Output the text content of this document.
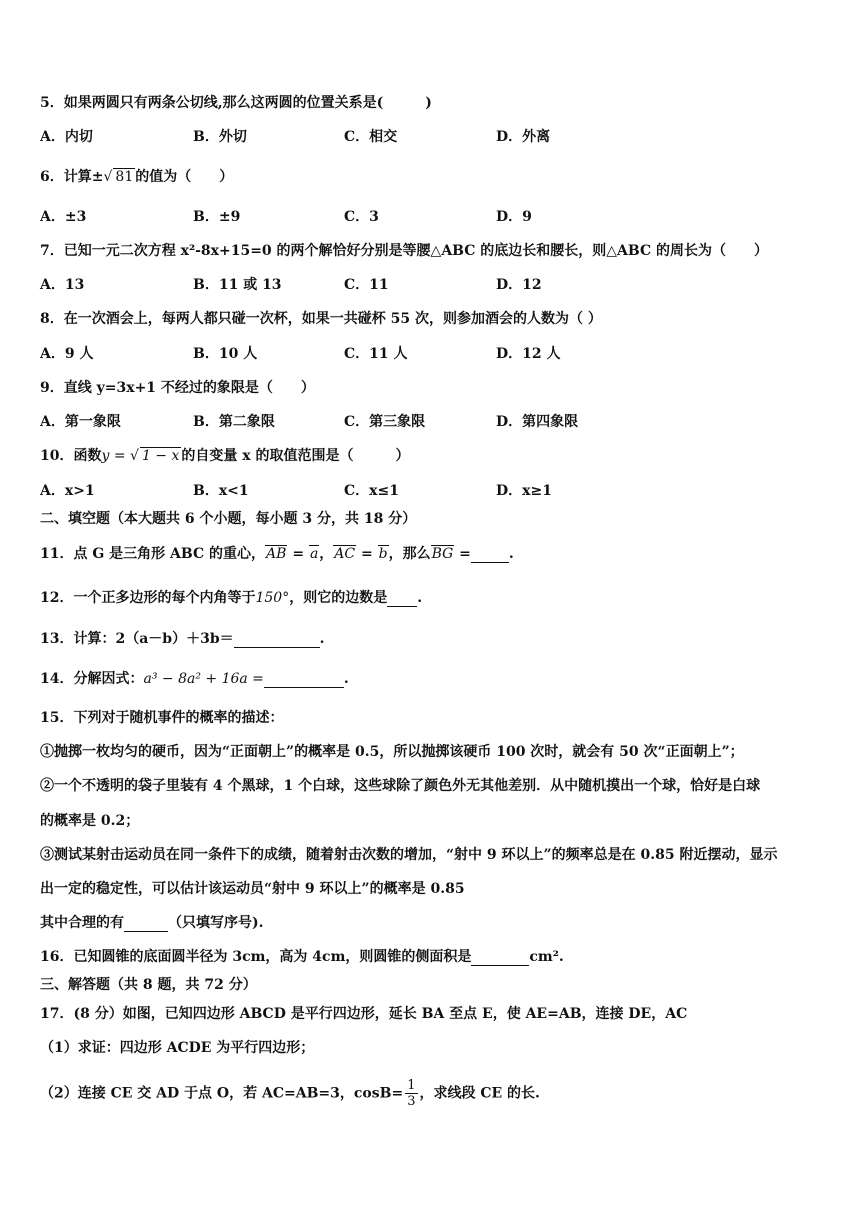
5．如果两圆只有两条公切线,那么这两圆的位置关系是(　　　)
A．内切	B．外切	C．相交	D．外离
6．计算±√ 81 的值为（　　）
A．±3	B．±9	C．3	D．9
7．已知一元二次方程 x²-8x+15=0 的两个解恰好分别是等腰△ABC 的底边长和腰长，则△ABC 的周长为（　　）
A．13	B．11 或 13	C．11	D．12
8．在一次酒会上，每两人都只碰一次杯，如果一共碰杯 55 次，则参加酒会的人数为（ ）
A．9 人	B．10 人	C．11 人	D．12 人
9．直线 y=3x+1 不经过的象限是（　　）
A．第一象限	B．第二象限	C．第三象限	D．第四象限
10．函数y = √ 1 − x 的自变量 x 的取值范围是（　　　）
A．x>1	B．x<1	C．x≤1	D．x≥1
二、填空题（本大题共 6 个小题，每小题 3 分，共 18 分）
11．点 G 是三角形 ABC 的重心，AB = a，AC = b，那么BG =	.
12．一个正多边形的每个内角等于150°，则它的边数是 .
13．计算：2（a－b）＋3b＝	.
14．分解因式：a³ − 8a² + 16a =	.
15．下列对于随机事件的概率的描述：
①抛掷一枚均匀的硬币，因为“正面朝上”的概率是 0.5，所以抛掷该硬币 100 次时，就会有 50 次“正面朝上”；
②一个不透明的袋子里装有 4 个黑球，1 个白球，这些球除了颜色外无其他差别．从中随机摸出一个球，恰好是白球
的概率是 0.2；
③测试某射击运动员在同一条件下的成绩，随着射击次数的增加，“射中 9 环以上”的频率总是在 0.85 附近摆动，显示
出一定的稳定性，可以估计该运动员“射中 9 环以上”的概率是 0.85
其中合理的有	（只填写序号).
16．已知圆锥的底面圆半径为 3cm，高为 4cm，则圆锥的侧面积是	cm².
三、解答题（共 8 题，共 72 分）
17．(8 分）如图，已知四边形 ABCD 是平行四边形，延长 BA 至点 E，使 AE=AB，连接 DE，AC
（1）求证：四边形 ACDE 为平行四边形；
（2）连接 CE 交 AD 于点 O，若 AC=AB=3，$\cos B= \frac{1}{3}$ ，求线段 CE 的长.
